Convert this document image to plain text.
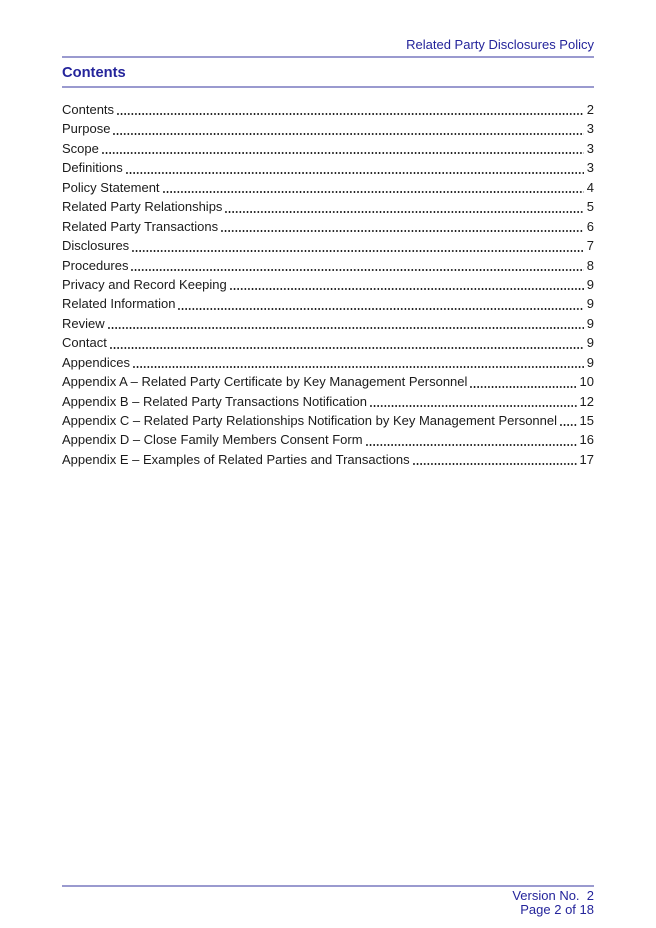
Related Party Disclosures Policy
Contents
Contents	2
Purpose	3
Scope	3
Definitions	3
Policy Statement	4
Related Party Relationships	5
Related Party Transactions	6
Disclosures	7
Procedures	8
Privacy and Record Keeping	9
Related Information	9
Review	9
Contact	9
Appendices	9
Appendix A – Related Party Certificate by Key Management Personnel	10
Appendix B – Related Party Transactions Notification	12
Appendix C – Related Party Relationships Notification by Key Management Personnel 15
Appendix D – Close Family Members Consent Form	16
Appendix E – Examples of Related Parties and Transactions	17
Version No.  2
Page 2 of 18
